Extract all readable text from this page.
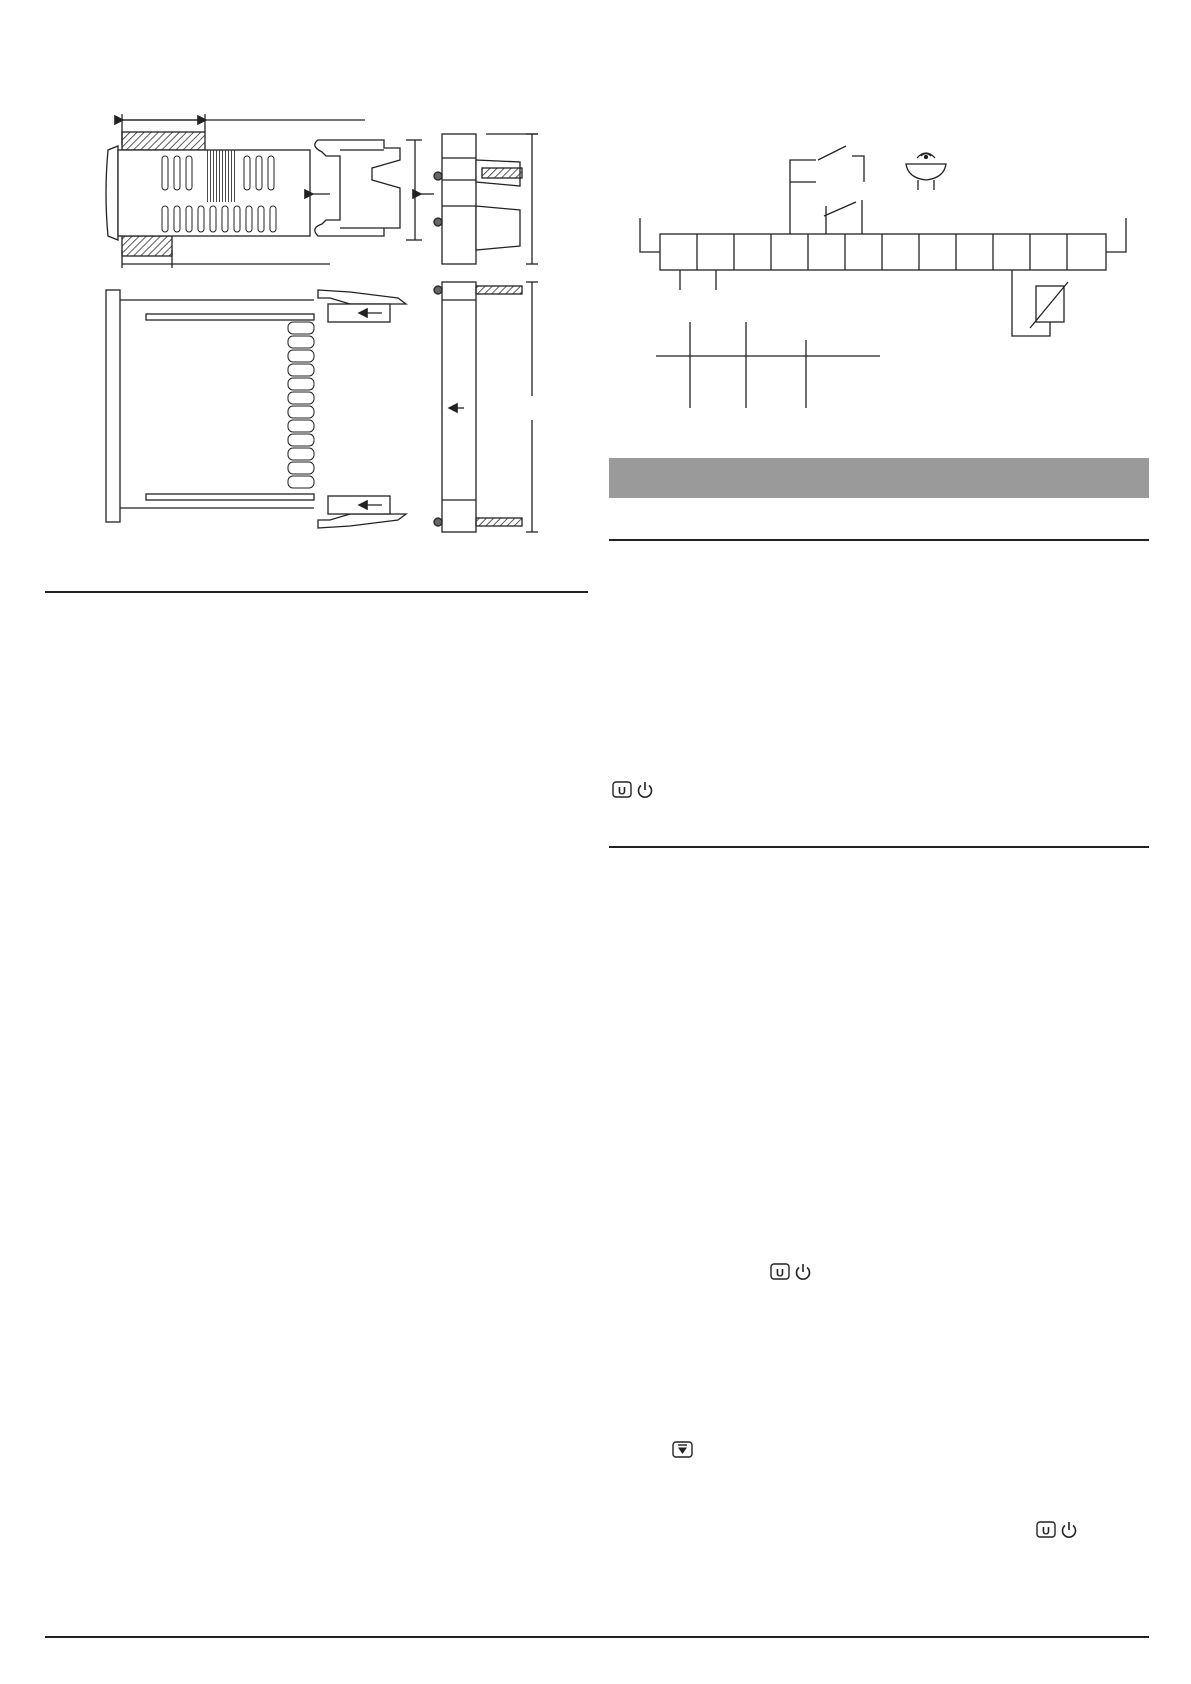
U
U
U
